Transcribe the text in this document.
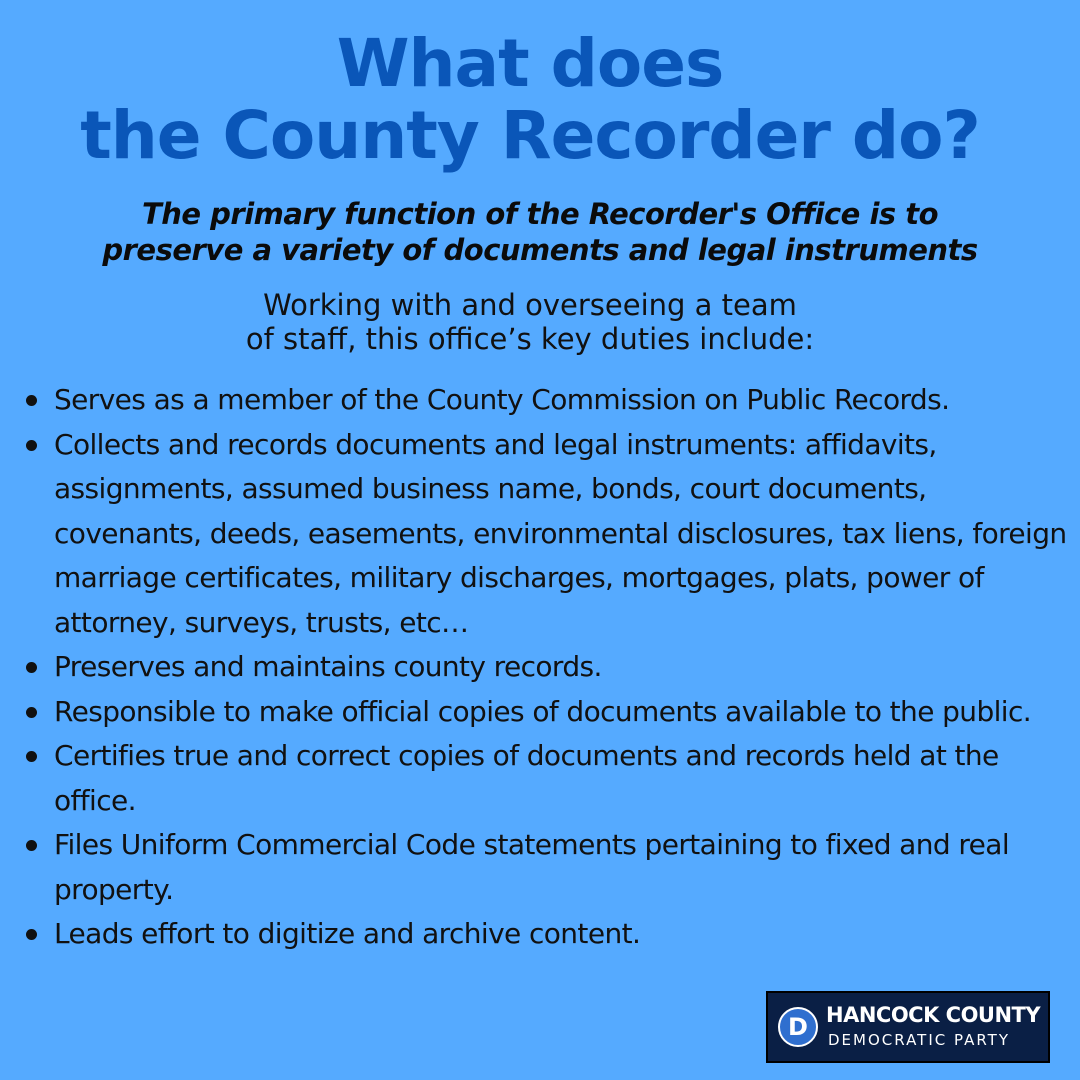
What does
the County Recorder do?
The primary function of the Recorder's Office is to
preserve a variety of documents and legal instruments
Working with and overseeing a team
of staff, this office’s key duties include:
Serves as a member of the County Commission on Public Records.
Collects and records documents and legal instruments: affidavits, assignments, assumed business name, bonds, court documents, covenants, deeds, easements, environmental disclosures, tax liens, foreign marriage certificates, military discharges, mortgages, plats, power of attorney, surveys, trusts, etc…
Preserves and maintains county records.
Responsible to make official copies of documents available to the public.
Certifies true and correct copies of documents and records held at the office.
Files Uniform Commercial Code statements pertaining to fixed and real property.
Leads effort to digitize and archive content.
D HANCOCK COUNTY
DEMOCRATIC PARTY
